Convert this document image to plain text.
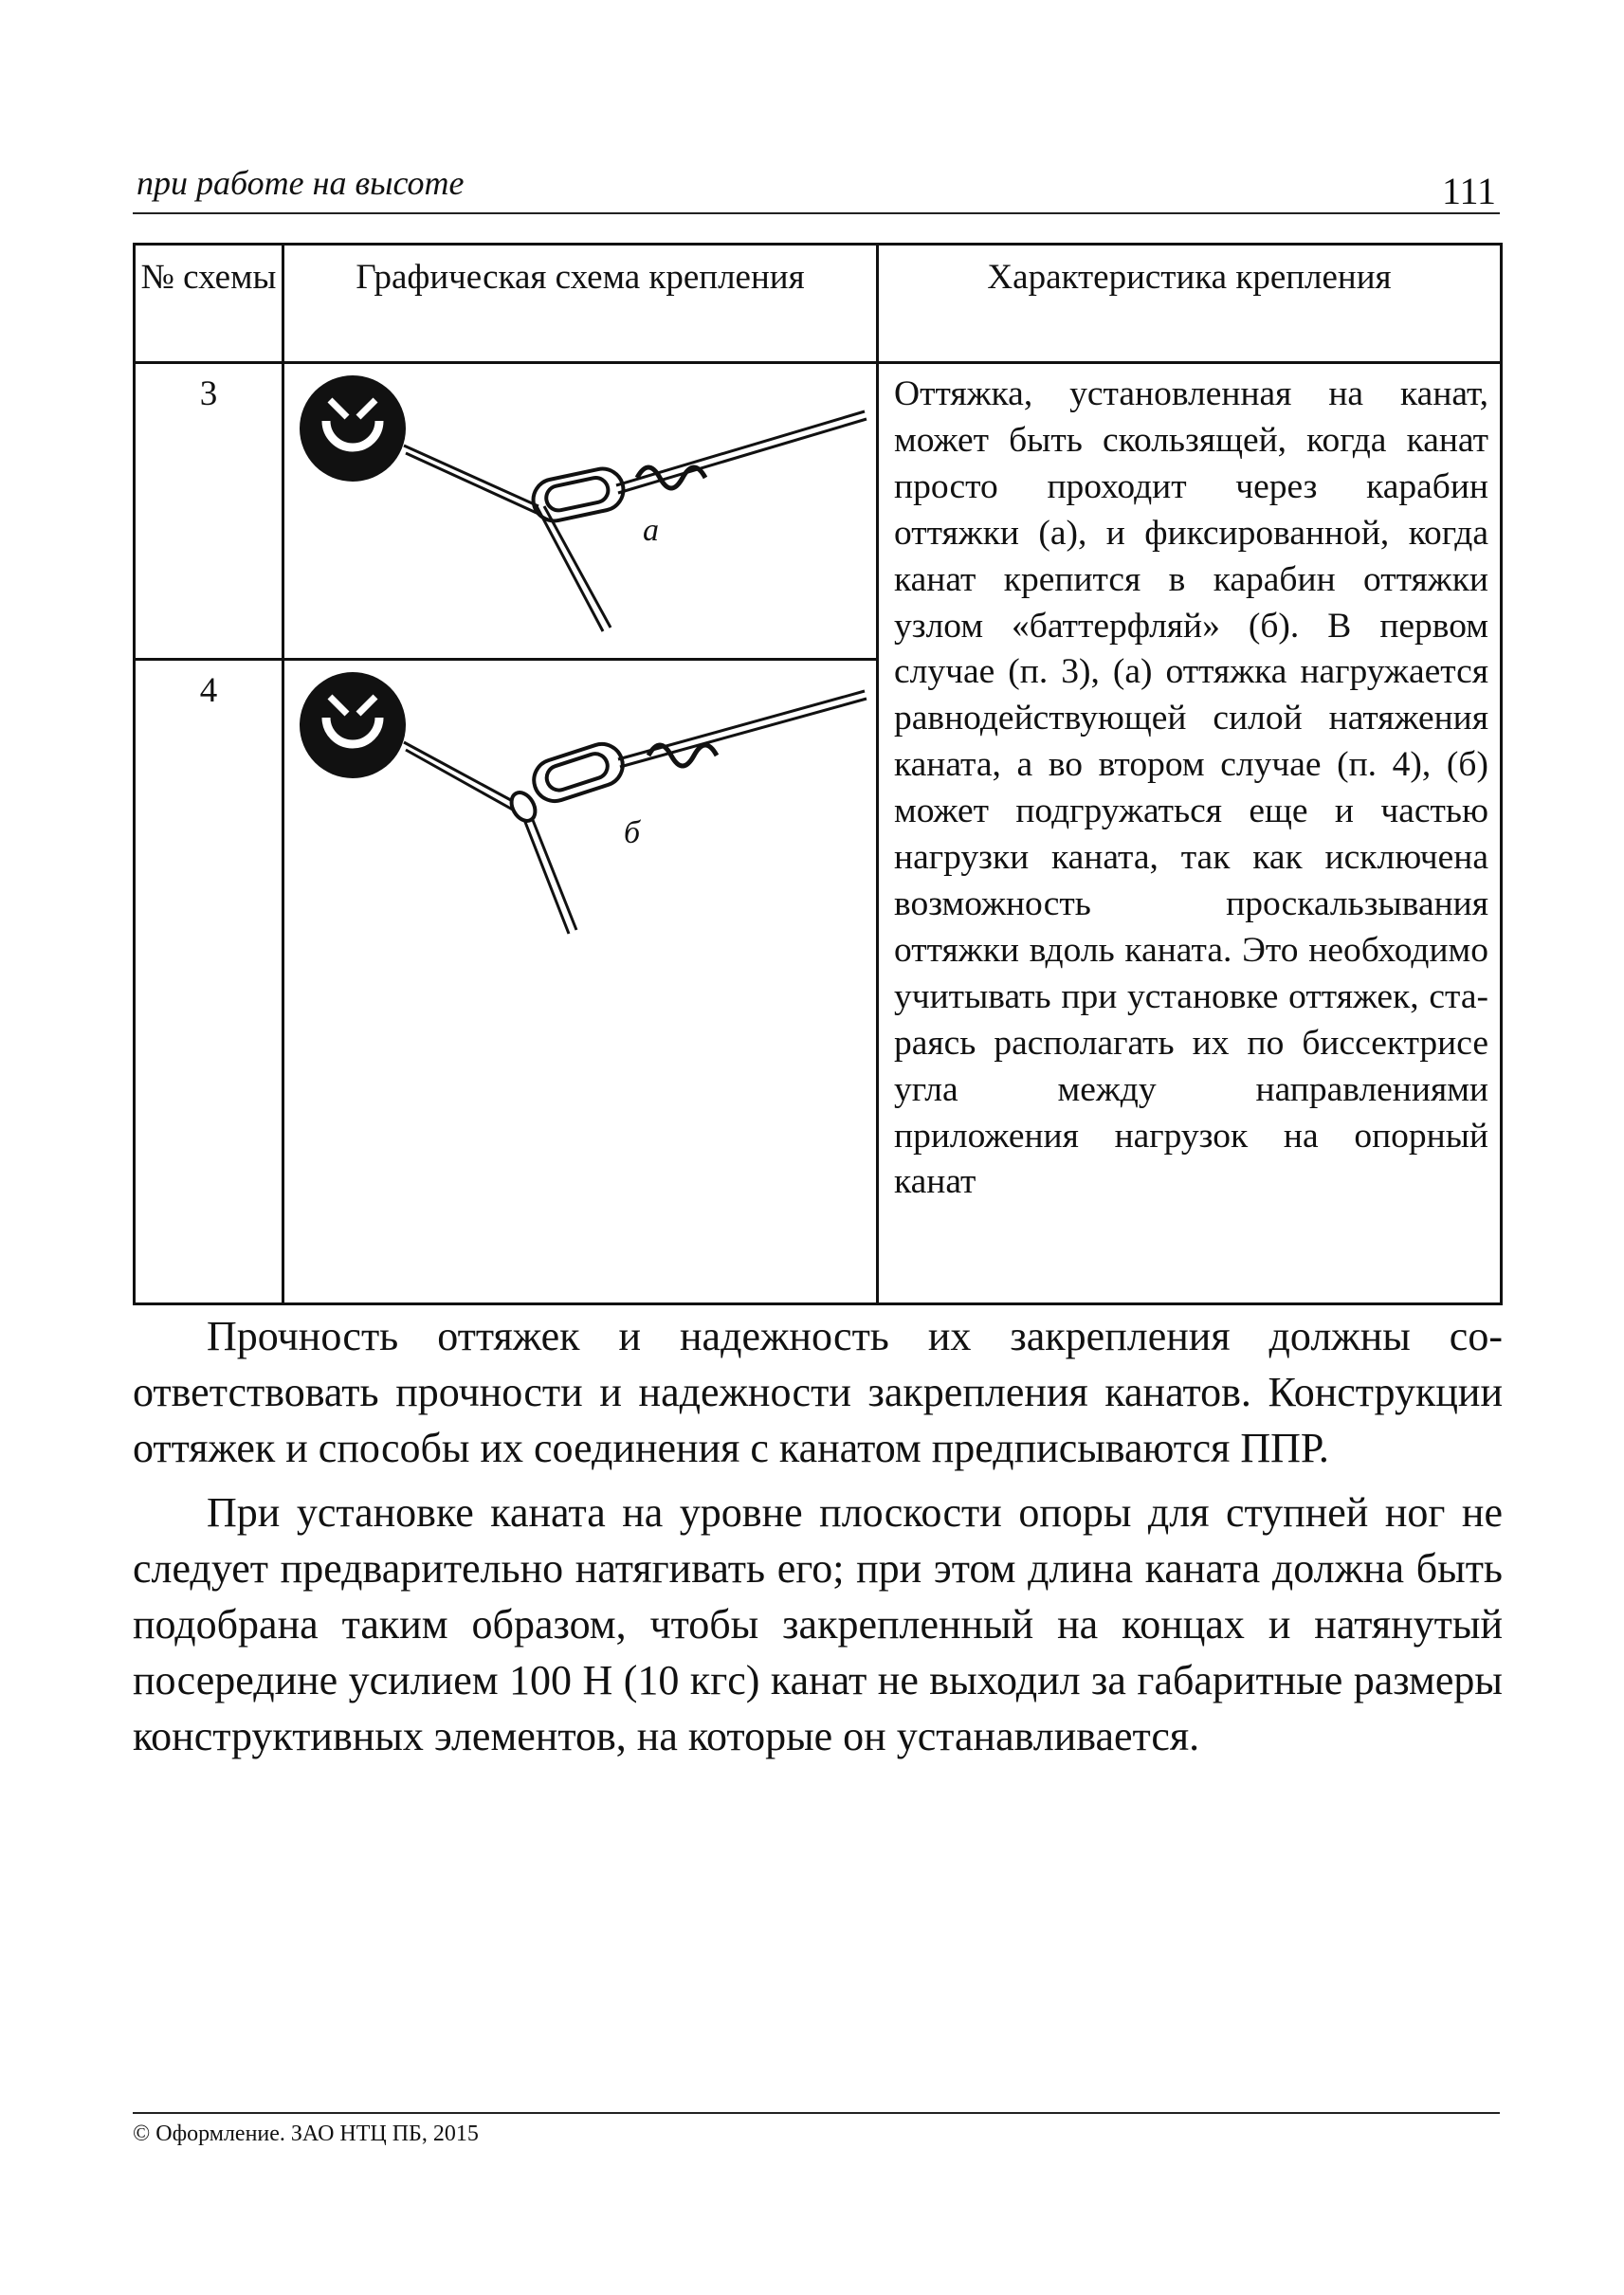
при работе на высоте	111
№ схемы	Графическая схема крепления	Характеристика крепления
3	а	Оттяжка, установленная на канат, может быть скользящей, когда канат просто проходит через карабин оттяжки (а), и фиксированной, когда канат крепится в карабин оттяжки узлом «баттерфляй» (б). В первом случае (п. 3), (а) оттяжка нагружается равнодействующей силой натяжения каната, а во втором случае (п. 4), (б) может подгружаться еще и частью нагрузки каната, так как исключена возможность проскальзывания оттяжки вдоль каната. Это необходимо учитывать при установке оттяжек, стараясь располагать их по биссектрисе угла между направлениями приложения нагрузок на опорный канат
4	б	

Прочность оттяжек и надежность их закрепления должны соответствовать прочности и надежности закрепления канатов. Конструкции оттяжек и способы их соединения с канатом предписываются ППР.

При установке каната на уровне плоскости опоры для ступней ног не следует предварительно натягивать его; при этом длина каната должна быть подобрана таким образом, чтобы закрепленный на концах и натянутый посередине усилием 100 Н (10 кгс) канат не выходил за габаритные размеры конструктивных элементов, на которые он устанавливается.

© Оформление. ЗАО НТЦ ПБ, 2015
